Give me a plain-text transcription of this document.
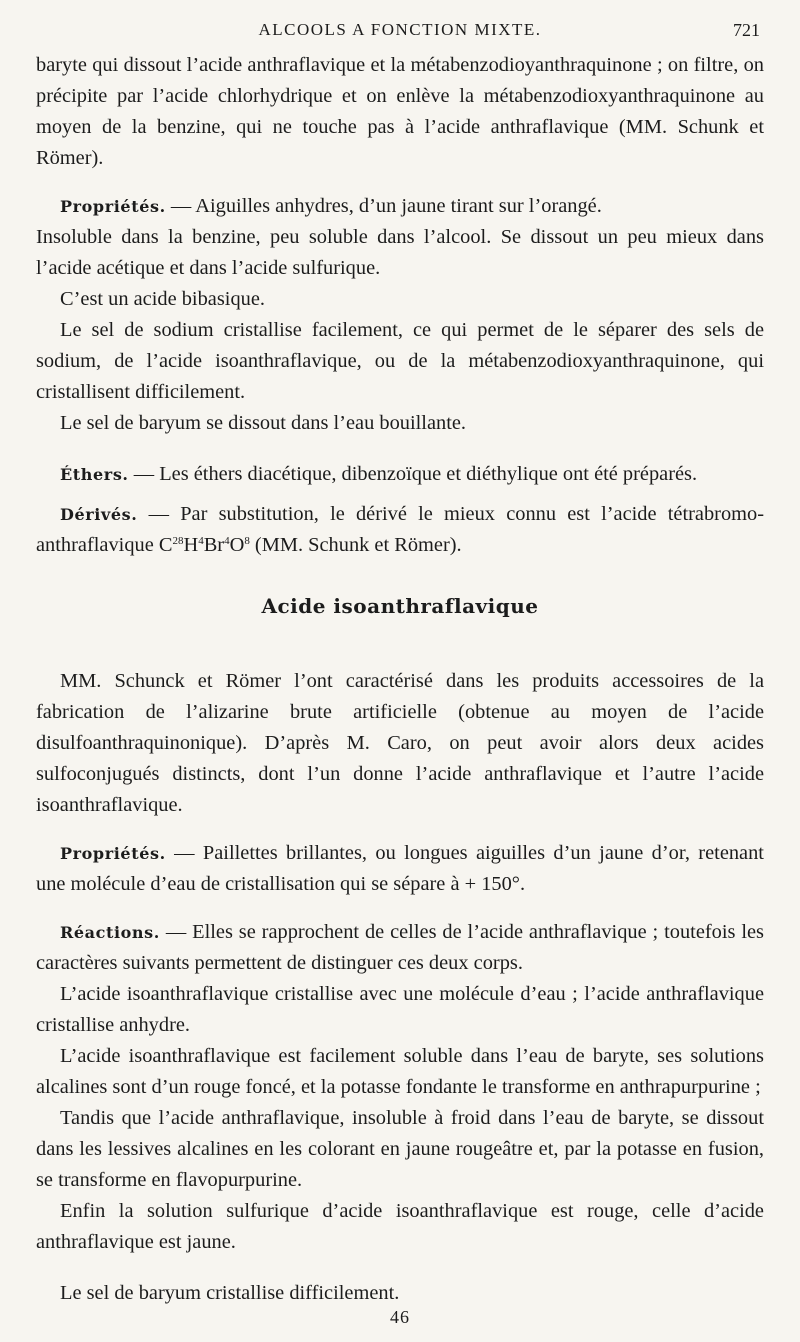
ALCOOLS A FONCTION MIXTE.	721

baryte qui dissout l’acide anthraflavique et la métabenzodioyanthraquinone ; on filtre, on précipite par l’acide chlorhydrique et on enlève la métabenzodioxyanthraquinone au moyen de la benzine, qui ne touche pas à l’acide anthraflavique (MM. Schunk et Römer).

Propriétés. — Aiguilles anhydres, d’un jaune tirant sur l’orangé.

Insoluble dans la benzine, peu soluble dans l’alcool. Se dissout un peu mieux dans l’acide acétique et dans l’acide sulfurique.

C’est un acide bibasique.

Le sel de sodium cristallise facilement, ce qui permet de le séparer des sels de sodium, de l’acide isoanthraflavique, ou de la métabenzodioxyanthraquinone, qui cristallisent difficilement.

Le sel de baryum se dissout dans l’eau bouillante.

Éthers. — Les éthers diacétique, dibenzoïque et diéthylique ont été préparés.

Dérivés. — Par substitution, le dérivé le mieux connu est l’acide tétrabromo-anthraflavique $C^{28}H^4Br^4O^8$ (MM. Schunk et Römer).

Acide isoanthraflavique

MM. Schunck et Römer l’ont caractérisé dans les produits accessoires de la fabrication de l’alizarine brute artificielle (obtenue au moyen de l’acide disulfoanthraquinonique). D’après M. Caro, on peut avoir alors deux acides sulfoconjugués distincts, dont l’un donne l’acide anthraflavique et l’autre l’acide isoanthraflavique.

Propriétés. — Paillettes brillantes, ou longues aiguilles d’un jaune d’or, retenant une molécule d’eau de cristallisation qui se sépare à + 150°.

Réactions. — Elles se rapprochent de celles de l’acide anthraflavique ; toutefois les caractères suivants permettent de distinguer ces deux corps.

L’acide isoanthraflavique cristallise avec une molécule d’eau ; l’acide anthraflavique cristallise anhydre.

L’acide isoanthraflavique est facilement soluble dans l’eau de baryte, ses solutions alcalines sont d’un rouge foncé, et la potasse fondante le transforme en anthrapurpurine ;

Tandis que l’acide anthraflavique, insoluble à froid dans l’eau de baryte, se dissout dans les lessives alcalines en les colorant en jaune rougeâtre et, par la potasse en fusion, se transforme en flavopurpurine.

Enfin la solution sulfurique d’acide isoanthraflavique est rouge, celle d’acide anthraflavique est jaune.

Le sel de baryum cristallise difficilement.

46
